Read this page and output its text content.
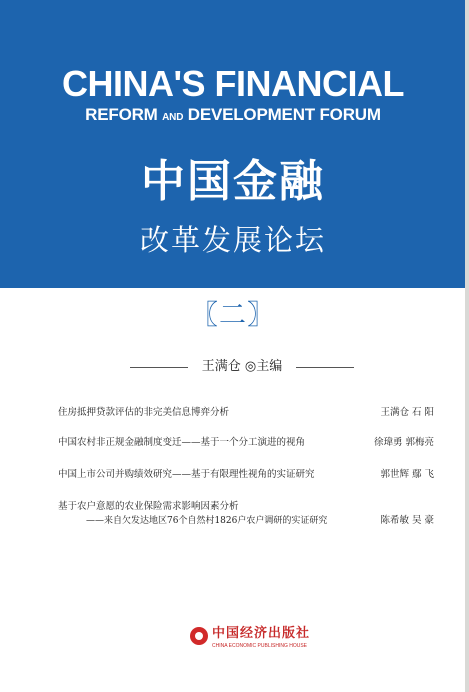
CHINA'S FINANCIAL
REFORM AND DEVELOPMENT FORUM
中国金融
改革发展论坛
〖二〗
王满仓 ◎主编
住房抵押贷款评估的非完美信息博弈分析	王满仓 石 阳
中国农村非正规金融制度变迁——基于一个分工演进的视角	徐瑋勇 郭梅亮
中国上市公司并购绩效研究——基于有限理性视角的实证研究	郭世辉 鄢 飞
基于农户意愿的农业保险需求影响因素分析
——来自欠发达地区76个自然村1826户农户调研的实证研究	陈希敏 吴 豪
中国经济出版社
CHINA ECONOMIC PUBLISHING HOUSE
